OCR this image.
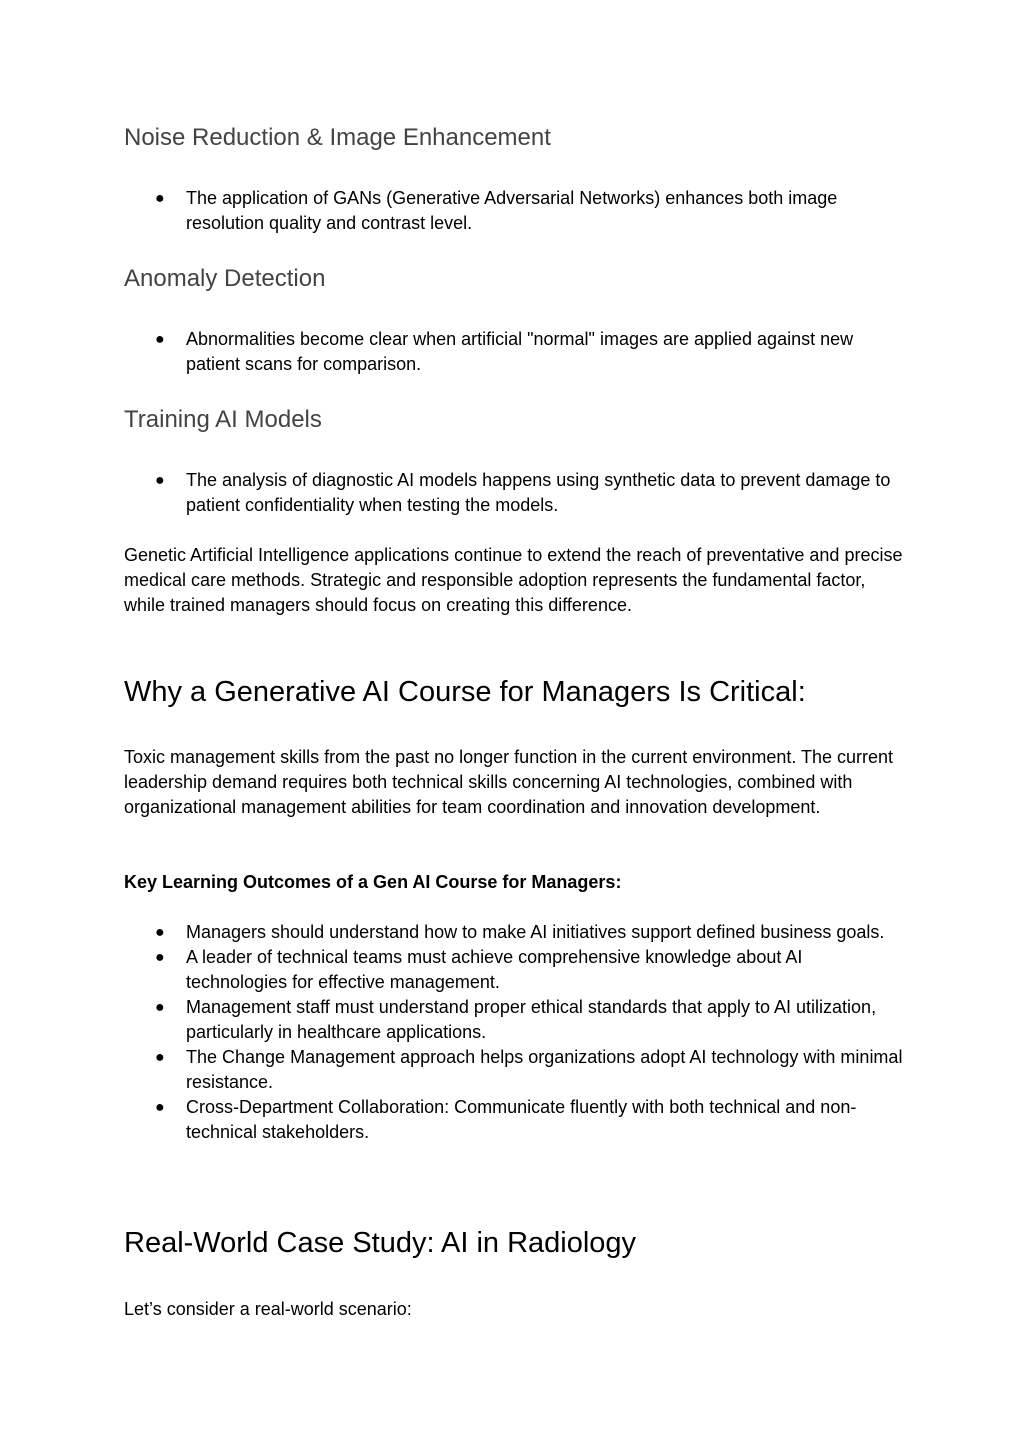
Noise Reduction & Image Enhancement
● The application of GANs (Generative Adversarial Networks) enhances both image resolution quality and contrast level.
Anomaly Detection
● Abnormalities become clear when artificial "normal" images are applied against new patient scans for comparison.
Training AI Models
● The analysis of diagnostic AI models happens using synthetic data to prevent damage to patient confidentiality when testing the models.

Genetic Artificial Intelligence applications continue to extend the reach of preventative and precise medical care methods. Strategic and responsible adoption represents the fundamental factor, while trained managers should focus on creating this difference.

Why a Generative AI Course for Managers Is Critical:

Toxic management skills from the past no longer function in the current environment. The current leadership demand requires both technical skills concerning AI technologies, combined with organizational management abilities for team coordination and innovation development.

Key Learning Outcomes of a Gen AI Course for Managers:

● Managers should understand how to make AI initiatives support defined business goals.
● A leader of technical teams must achieve comprehensive knowledge about AI technologies for effective management.
● Management staff must understand proper ethical standards that apply to AI utilization, particularly in healthcare applications.
● The Change Management approach helps organizations adopt AI technology with minimal resistance.
● Cross-Department Collaboration: Communicate fluently with both technical and non-technical stakeholders.
Real-World Case Study: AI in Radiology

Let’s consider a real-world scenario:
